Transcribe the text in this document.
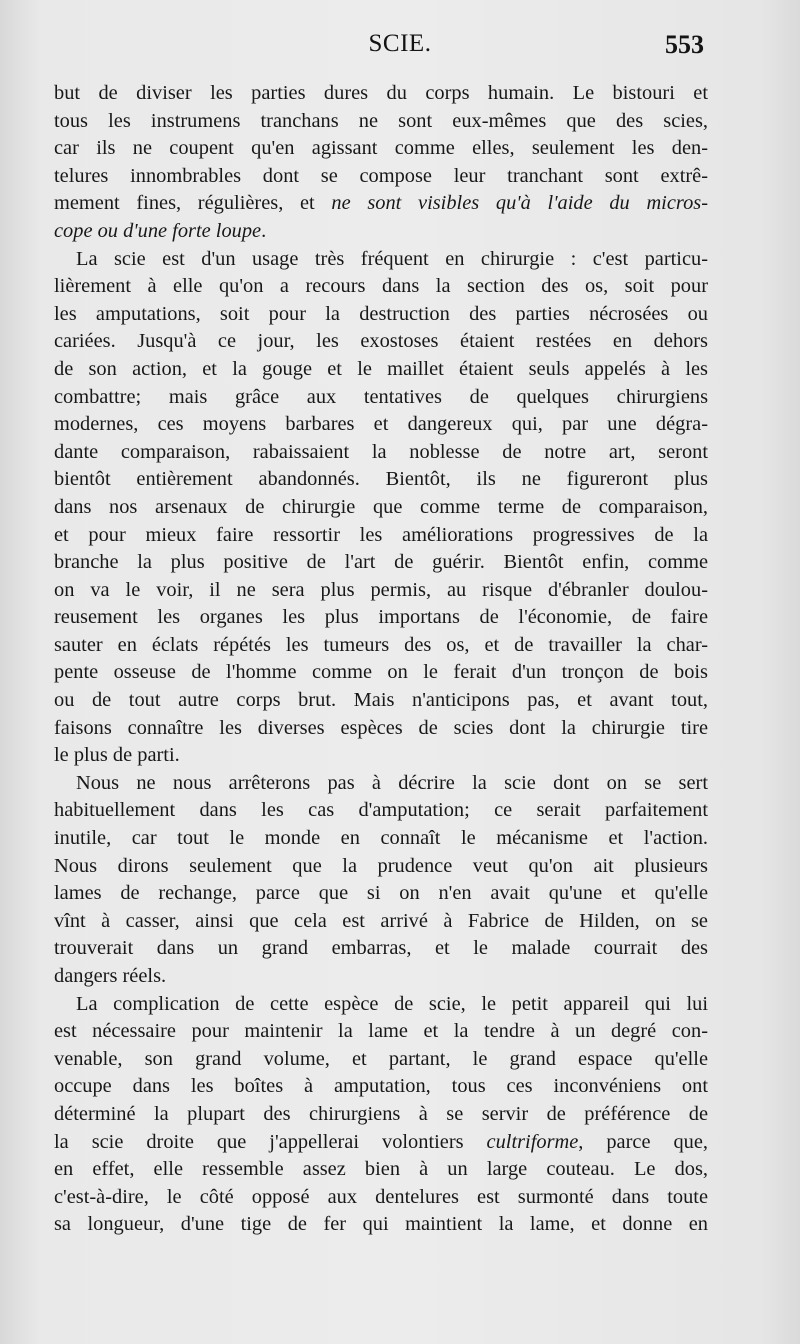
SCIE.	553
but de diviser les parties dures du corps humain. Le bistouri et
tous les instrumens tranchans ne sont eux-mêmes que des scies,
car ils ne coupent qu'en agissant comme elles, seulement les den-
telures innombrables dont se compose leur tranchant sont extrê-
mement fines, régulières, et ne sont visibles qu'à l'aide du micros-
cope ou d'une forte loupe.
La scie est d'un usage très fréquent en chirurgie : c'est particu-
lièrement à elle qu'on a recours dans la section des os, soit pour
les amputations, soit pour la destruction des parties nécrosées ou
cariées. Jusqu'à ce jour, les exostoses étaient restées en dehors
de son action, et la gouge et le maillet étaient seuls appelés à les
combattre; mais grâce aux tentatives de quelques chirurgiens
modernes, ces moyens barbares et dangereux qui, par une dégra-
dante comparaison, rabaissaient la noblesse de notre art, seront
bientôt entièrement abandonnés. Bientôt, ils ne figureront plus
dans nos arsenaux de chirurgie que comme terme de comparaison,
et pour mieux faire ressortir les améliorations progressives de la
branche la plus positive de l'art de guérir. Bientôt enfin, comme
on va le voir, il ne sera plus permis, au risque d'ébranler doulou-
reusement les organes les plus importans de l'économie, de faire
sauter en éclats répétés les tumeurs des os, et de travailler la char-
pente osseuse de l'homme comme on le ferait d'un tronçon de bois
ou de tout autre corps brut. Mais n'anticipons pas, et avant tout,
faisons connaître les diverses espèces de scies dont la chirurgie tire
le plus de parti.
Nous ne nous arrêterons pas à décrire la scie dont on se sert
habituellement dans les cas d'amputation; ce serait parfaitement
inutile, car tout le monde en connaît le mécanisme et l'action.
Nous dirons seulement que la prudence veut qu'on ait plusieurs
lames de rechange, parce que si on n'en avait qu'une et qu'elle
vînt à casser, ainsi que cela est arrivé à Fabrice de Hilden, on se
trouverait dans un grand embarras, et le malade courrait des
dangers réels.
La complication de cette espèce de scie, le petit appareil qui lui
est nécessaire pour maintenir la lame et la tendre à un degré con-
venable, son grand volume, et partant, le grand espace qu'elle
occupe dans les boîtes à amputation, tous ces inconvéniens ont
déterminé la plupart des chirurgiens à se servir de préférence de
la scie droite que j'appellerai volontiers cultriforme, parce que,
en effet, elle ressemble assez bien à un large couteau. Le dos,
c'est-à-dire, le côté opposé aux dentelures est surmonté dans toute
sa longueur, d'une tige de fer qui maintient la lame, et donne en
